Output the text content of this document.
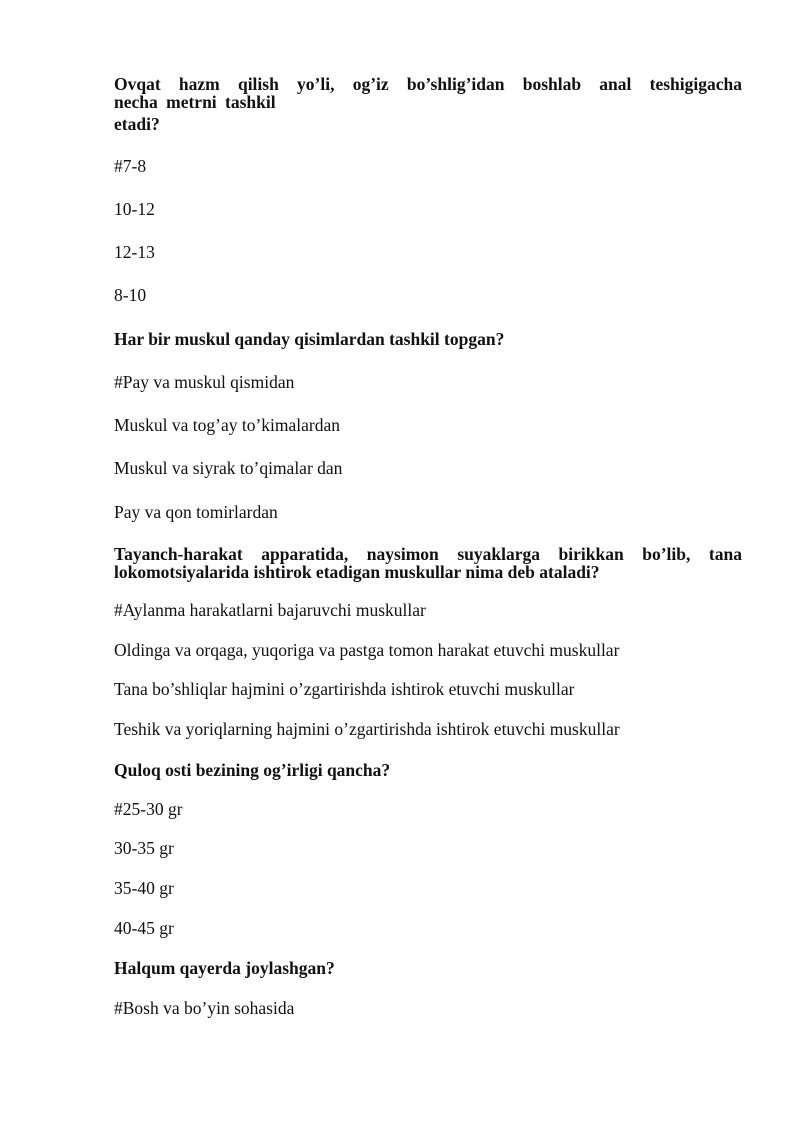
Ovqat hazm qilish yo’li, og’iz bo’shlig’idan boshlab anal teshigigacha
necha metrni tashkil
etadi?
#7-8
10-12
12-13
8-10
Har bir muskul qanday qisimlardan tashkil topgan?
#Pay va muskul qismidan
Muskul va tog’ay to’kimalardan
Muskul va siyrak to’qimalar dan
Pay va qon tomirlardan
Tayanch-harakat apparatida, naysimon suyaklarga birikkan bo’lib, tana
lokomotsiyalarida ishtirok etadigan muskullar nima deb ataladi?
#Aylanma harakatlarni bajaruvchi muskullar
Oldinga va orqaga, yuqoriga va pastga tomon harakat etuvchi muskullar
Tana bo’shliqlar hajmini o’zgartirishda ishtirok etuvchi muskullar
Teshik va yoriqlarning hajmini o’zgartirishda ishtirok etuvchi muskullar
Quloq osti bezining og’irligi qancha?
#25-30 gr
30-35 gr
35-40 gr
40-45 gr
Halqum qayerda joylashgan?
#Bosh va bo’yin sohasida
